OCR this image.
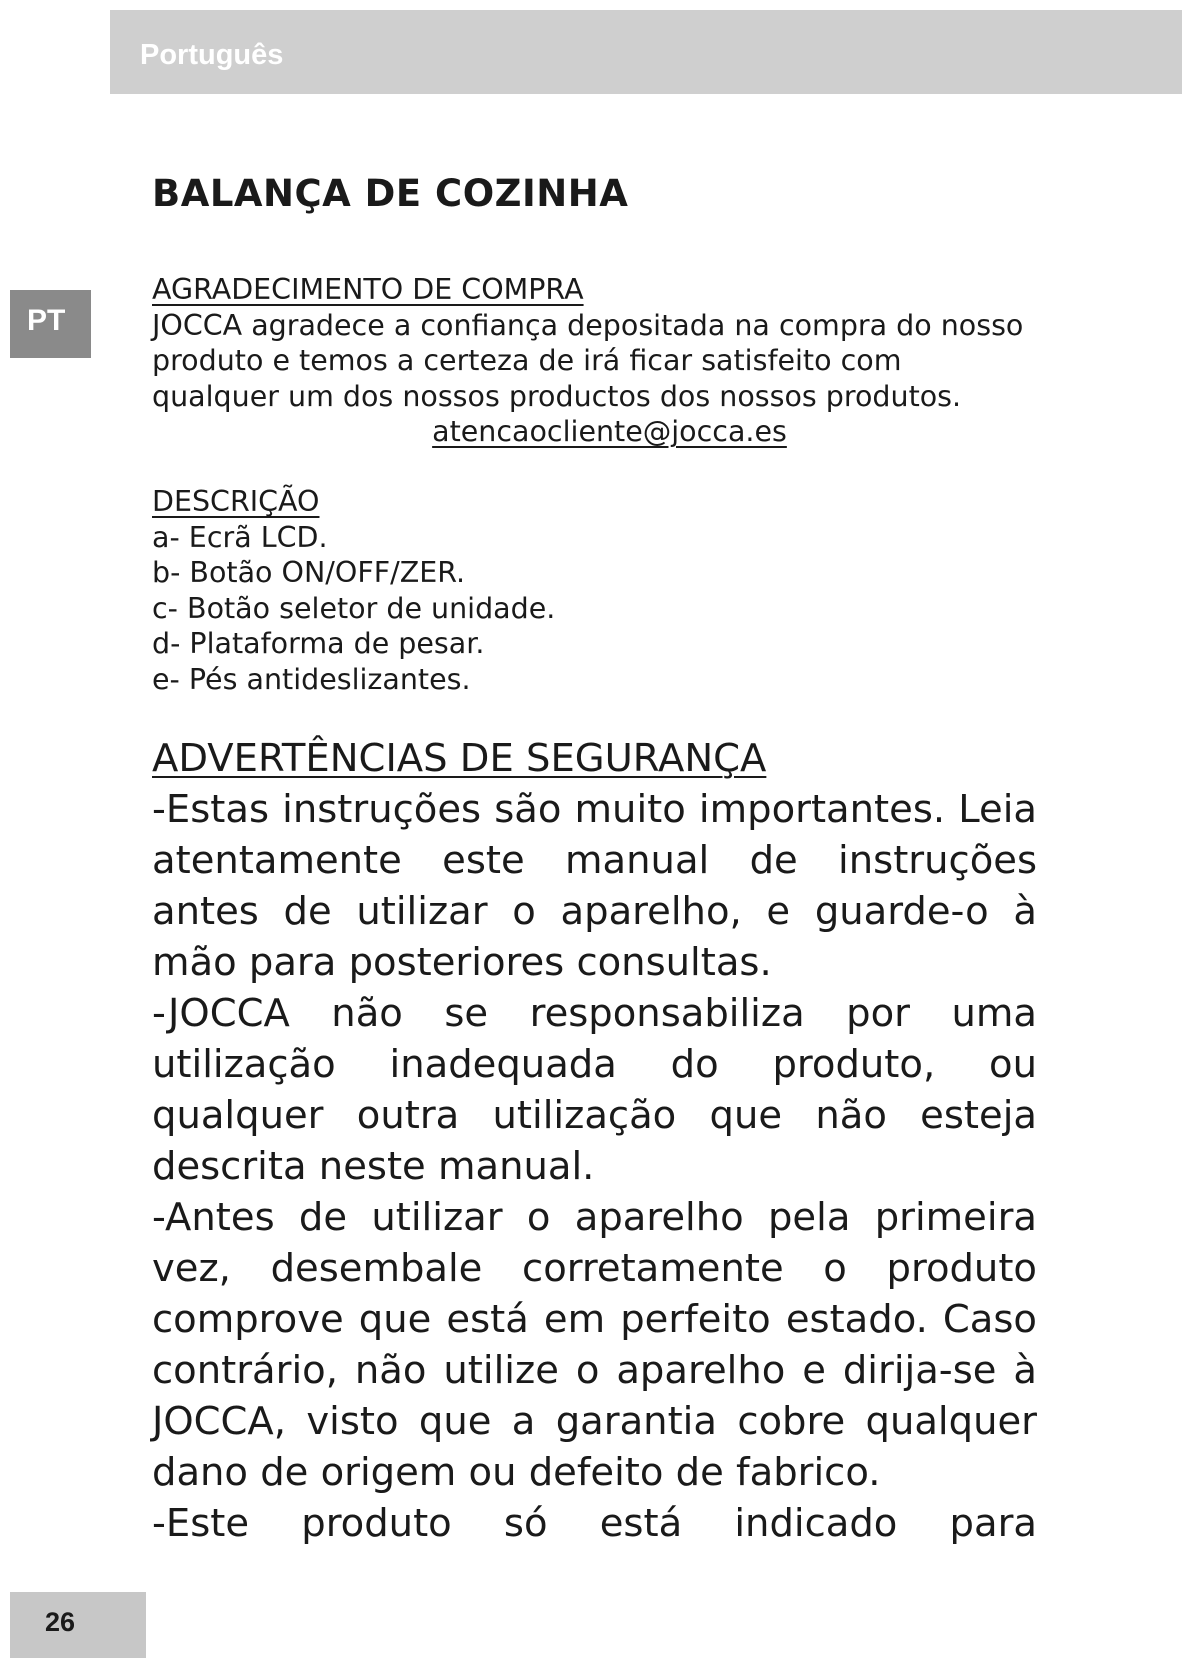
Português
PT
BALANÇA DE COZINHA
AGRADECIMENTO DE COMPRA
JOCCA agradece a confiança depositada na compra do nosso produto e temos a certeza de irá ficar satisfeito com qualquer um dos nossos productos dos nossos produtos.
atencaocliente@jocca.es
DESCRIÇÃO
a- Ecrã LCD.
b- Botão ON/OFF/ZER.
c- Botão seletor de unidade.
d- Plataforma de pesar.
e- Pés antideslizantes.
ADVERTÊNCIAS DE SEGURANÇA

-Estas instruções são muito importantes. Leia atentamente este manual de instruções antes de utilizar o aparelho, e guarde-o à mão para posteriores consultas.

-JOCCA não se responsabiliza por uma utilização inadequada do produto, ou qualquer outra utilização que não esteja descrita neste manual.

-Antes de utilizar o aparelho pela primeira vez, desembale corretamente o produto comprove que está em perfeito estado. Caso contrário, não utilize o aparelho e dirija-se à JOCCA, visto que a garantia cobre qualquer dano de origem ou defeito de fabrico.

-Este produto só está indicado para

26
